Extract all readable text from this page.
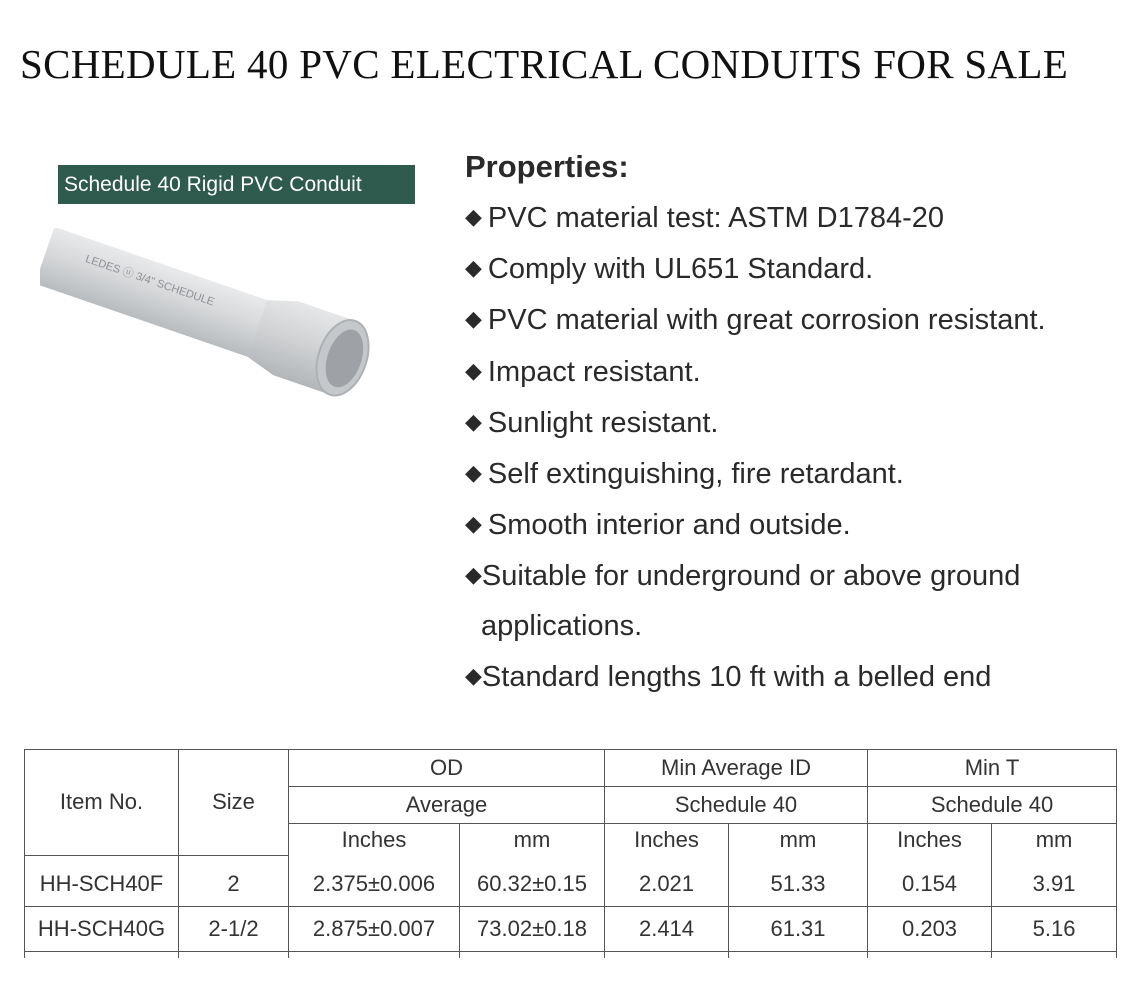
SCHEDULE 40 PVC ELECTRICAL CONDUITS FOR SALE
Schedule 40 Rigid PVC Conduit
LEDES ⓤ 3/4" SCHEDULE
Properties:
◆ PVC material test: ASTM D1784-20
◆ Comply with UL651 Standard.
◆ PVC material with great corrosion resistant.
◆ Impact resistant.
◆ Sunlight resistant.
◆ Self extinguishing, fire retardant.
◆ Smooth interior and outside.
◆Suitable for underground or above ground
applications.
◆Standard lengths 10 ft with a belled end
Item No.	Size	OD		Min Average ID		Min T	
		Average		Schedule 40		Schedule 40	
		Inches	mm	Inches	mm	Inches	mm

HH-SCH40F	2	2.375±0.006	60.32±0.15	2.021	51.33	0.154	3.91
HH-SCH40G	2-1/2	2.875±0.007	73.02±0.18	2.414	61.31	0.203	5.16
